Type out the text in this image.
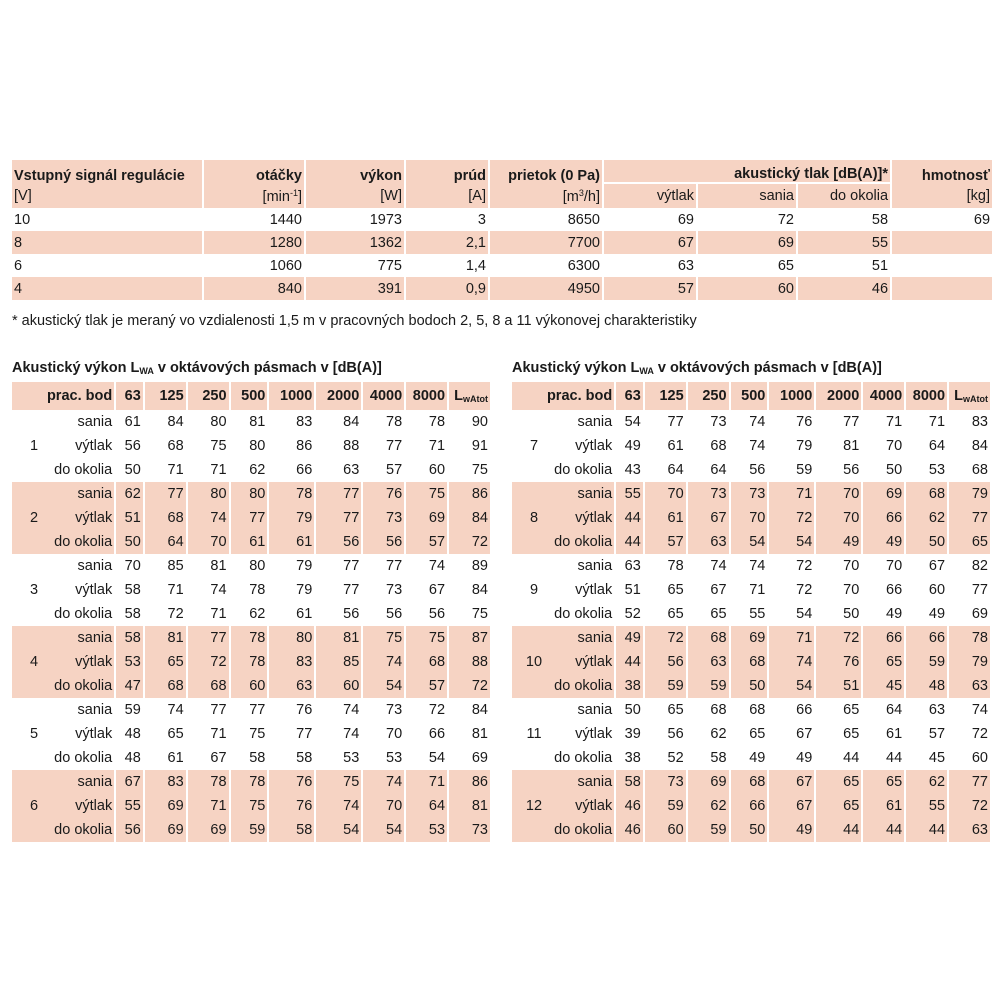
Vstupný signál regulácie	otáčky	výkon	prúd	prietok (0 Pa)	akustický tlak [dB(A)]*			hmotnosť
[V]	$[\min^{-1}]$	[W]	[A]	$[m^3/h]$	výtlak	sania	do okolia	[kg]
10	1440	1973	3	8650	69	72	58	69
8	1280	1362	2,1	7700	67	69	55	
6	1060	775	1,4	6300	63	65	51	
4	840	391	0,9	4950	57	60	46	
* akustický tlak je meraný vo vzdialenosti 1,5 m v pracovných bodoch 2, 5, 8 a 11 výkonovej charakteristiky
Akustický výkon $L_{WA}$ v oktávových pásmach v [dB(A)]	Akustický výkon $L_{WA}$ v oktávových pásmach v [dB(A)]
prac. bod	63	125	250	500	1000	2000	4000	8000	$L_{wAtot}$
sania	61	84	80	81	83	84	78	78	90

1 výtlak	56	68	75	80	86	88	77	71	91
do okolia	50	71	71	62	66	63	57	60	75
sania	62	77	80	80	78	77	76	75	86

2 výtlak	51	68	74	77	79	77	73	69	84
do okolia	50	64	70	61	61	56	56	57	72
sania	70	85	81	80	79	77	77	74	89

3 výtlak	58	71	74	78	79	77	73	67	84
do okolia	58	72	71	62	61	56	56	56	75
sania	58	81	77	78	80	81	75	75	87

4 výtlak	53	65	72	78	83	85	74	68	88
do okolia	47	68	68	60	63	60	54	57	72
sania	59	74	77	77	76	74	73	72	84

5 výtlak	48	65	71	75	77	74	70	66	81
do okolia	48	61	67	58	58	53	53	54	69
sania	67	83	78	78	76	75	74	71	86

6 výtlak	55	69	71	75	76	74	70	64	81
do okolia	56	69	69	59	58	54	54	53	73
prac. bod	63	125	250	500	1000	2000	4000	8000	$L_{wAtot}$
sania	54	77	73	74	76	77	71	71	83

7 výtlak	49	61	68	74	79	81	70	64	84
do okolia	43	64	64	56	59	56	50	53	68
sania	55	70	73	73	71	70	69	68	79

8 výtlak	44	61	67	70	72	70	66	62	77
do okolia	44	57	63	54	54	49	49	50	65
sania	63	78	74	74	72	70	70	67	82

9 výtlak	51	65	67	71	72	70	66	60	77
do okolia	52	65	65	55	54	50	49	49	69
sania	49	72	68	69	71	72	66	66	78

10 výtlak	44	56	63	68	74	76	65	59	79
do okolia	38	59	59	50	54	51	45	48	63
sania	50	65	68	68	66	65	64	63	74

11 výtlak	39	56	62	65	67	65	61	57	72
do okolia	38	52	58	49	49	44	44	45	60
sania	58	73	69	68	67	65	65	62	77

12 výtlak	46	59	62	66	67	65	61	55	72
do okolia	46	60	59	50	49	44	44	44	63
